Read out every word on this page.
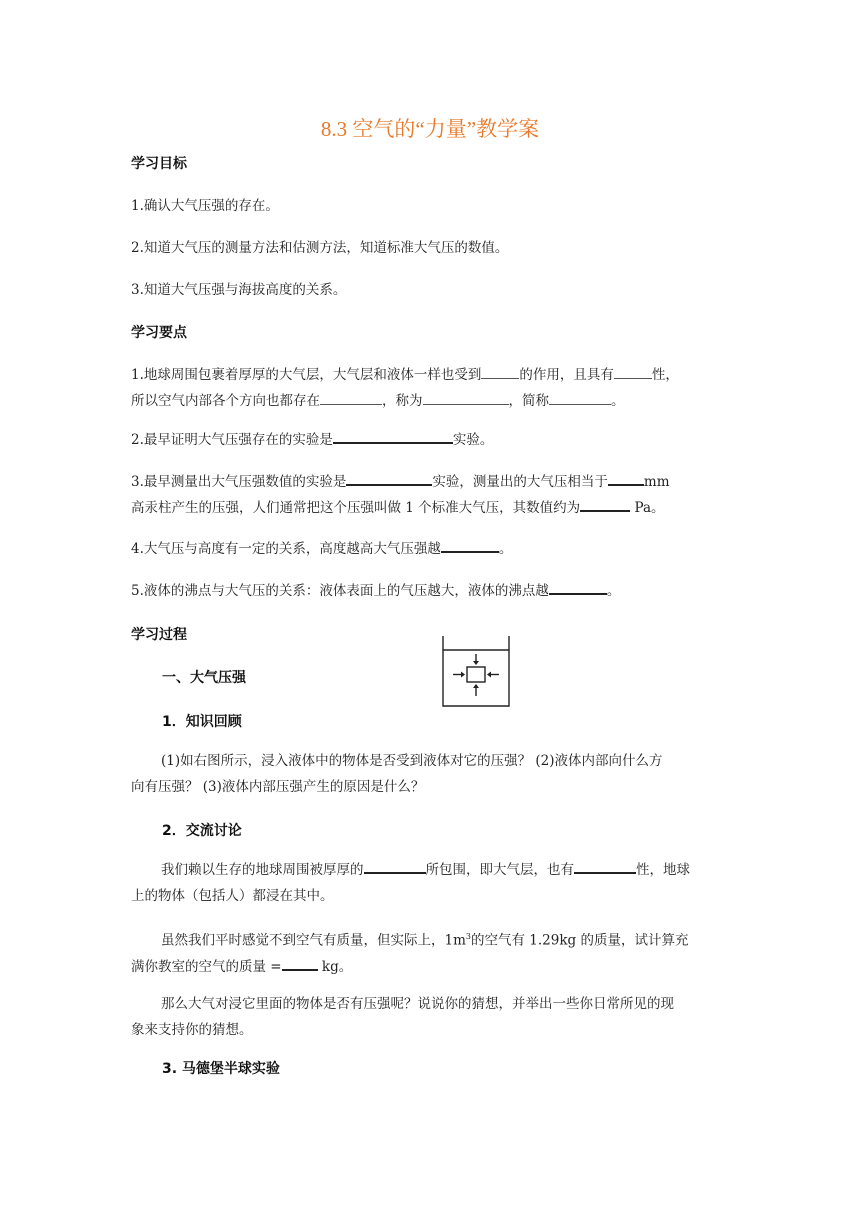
8.3 空气的“力量”教学案
学习目标
1.确认大气压强的存在。
2.知道大气压的测量方法和估测方法，知道标准大气压的数值。
3.知道大气压强与海拔高度的关系。
学习要点
1.地球周围包裹着厚厚的大气层，大气层和液体一样也受到	的作用，且具有	性，
所以空气内部各个方向也都存在	，称为	，简称	。
2.最早证明大气压强存在的实验是	实验。
3.最早测量出大气压强数值的实验是	实验，测量出的大气压相当于	mm
高汞柱产生的压强，人们通常把这个压强叫做 1 个标准大气压，其数值约为	Pa。
4.大气压与高度有一定的关系，高度越高大气压强越	。
5.液体的沸点与大气压的关系：液体表面上的气压越大，液体的沸点越	。
学习过程
一、大气压强
1．知识回顾
(1)如右图所示，浸入液体中的物体是否受到液体对它的压强？ (2)液体内部向什么方
向有压强？ (3)液体内部压强产生的原因是什么？
2．交流讨论
我们赖以生存的地球周围被厚厚的	所包围，即大气层，也有	性，地球
上的物体（包括人）都浸在其中。
虽然我们平时感觉不到空气有质量，但实际上，$1m^3$的空气有 1.29kg 的质量，试计算充
满你教室的空气的质量 =	kg。
那么大气对浸它里面的物体是否有压强呢？说说你的猜想，并举出一些你日常所见的现
象来支持你的猜想。
3. 马德堡半球实验
